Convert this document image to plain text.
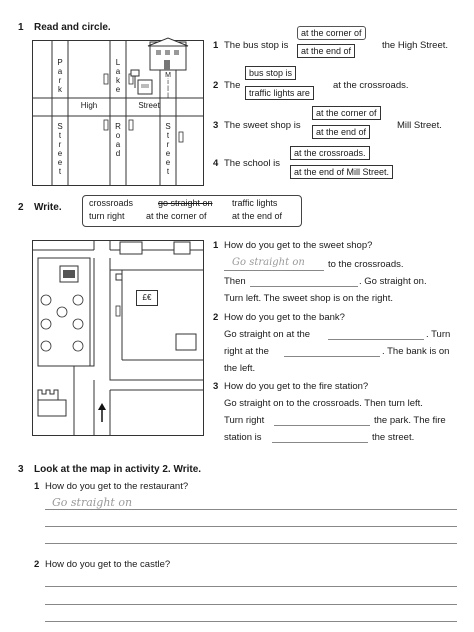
1 Read and circle.
P
a
r
k
S
t
r
e
e
t
L
a
k
e
R
o
a
d
M
i
l
l
S
t
r
e
e
t
High	Street
1 The bus stop is
at the corner of
at the end of	the High Street.
2 The
bus stop is
traffic lights are
at the crossroads.
3 The sweet shop is
at the corner of
at the end of
Mill Street.
4 The school is
at the crossroads.
at the end of Mill Street.
2 Write.	crossroads	go straight on traffic lights
turn right at the corner of	at the end of
£€
1 How do you get to the sweet shop?
Go straight on to the crossroads.
Then	. Go straight on.
Turn left. The sweet shop is on the right.
2 How do you get to the bank?
Go straight on at the	. Turn
right at the	. The bank is on
the left.
3 How do you get to the fire station?
Go straight on to the crossroads. Then turn left.
Turn right	the park. The fire
station is	the street.
3 Look at the map in activity 2. Write.
1 How do you get to the restaurant?
Go straight on
2 How do you get to the castle?
